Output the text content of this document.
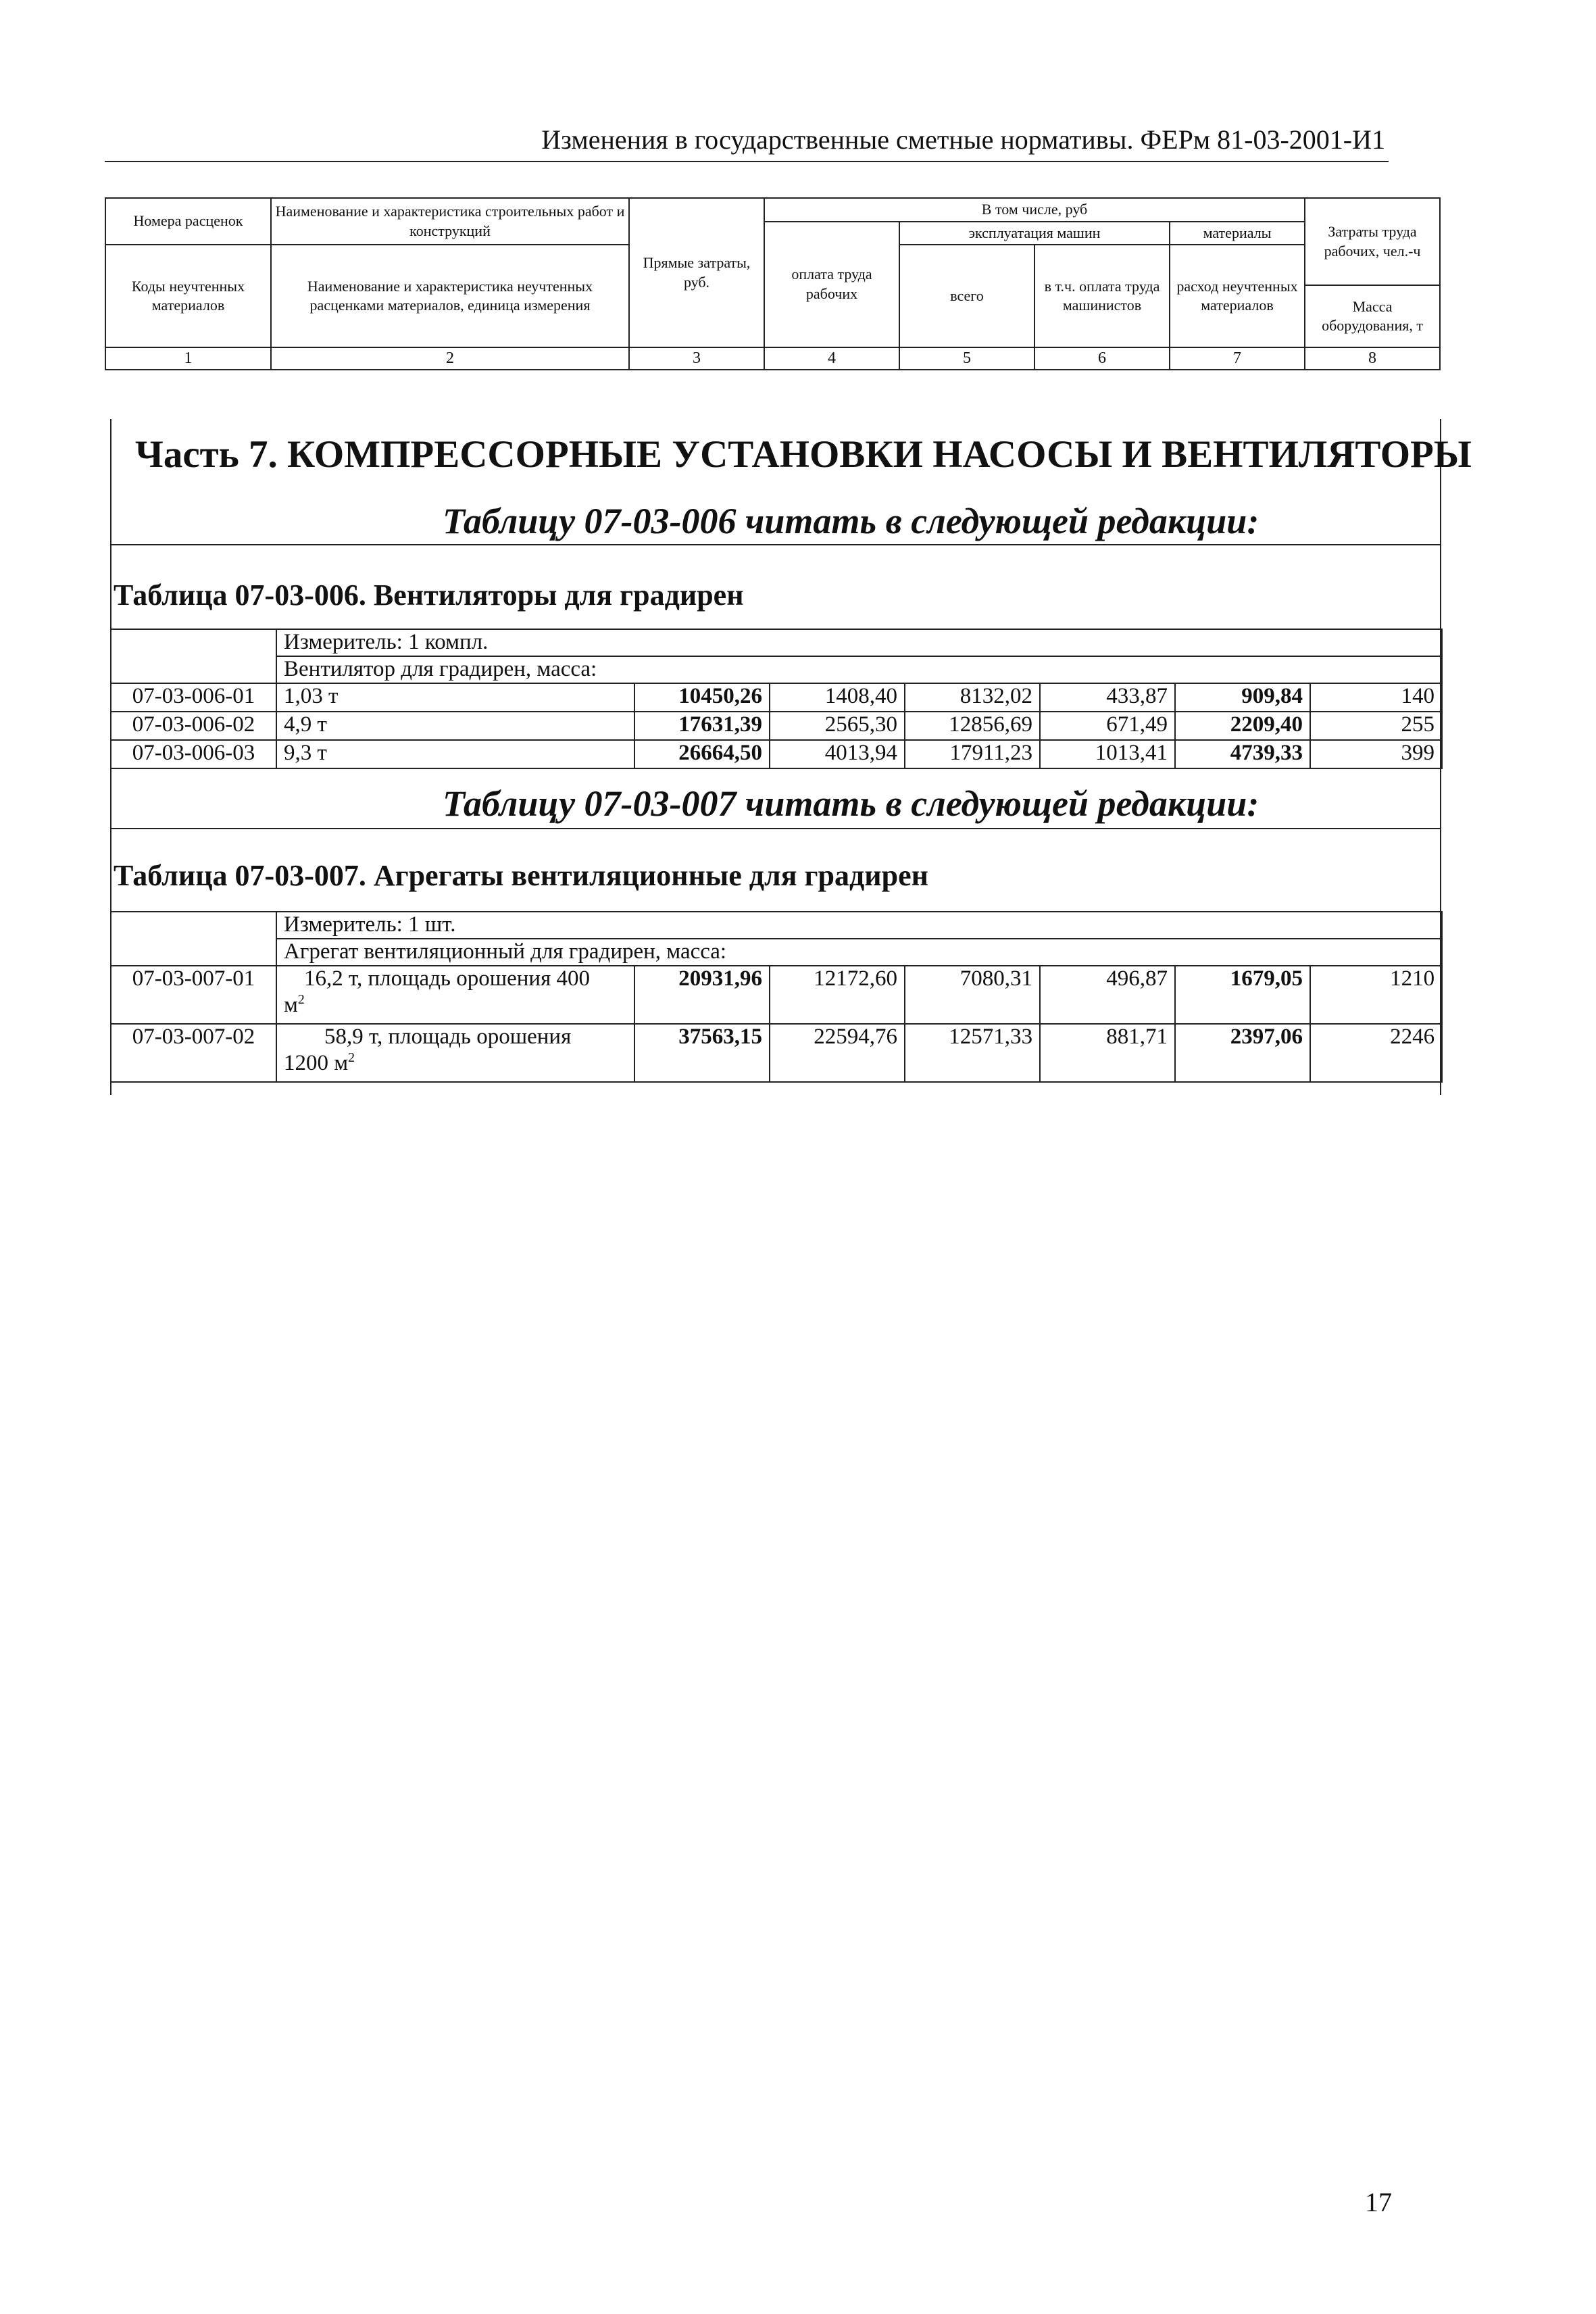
Изменения в государственные сметные нормативы. ФЕРм 81-03-2001-И1
Номера расценок	Наименование и характеристика строительных работ и конструкций	Прямые затраты, руб.	В том числе, руб				Затраты труда рабочих, чел.-ч
			оплата труда рабочих	эксплуатация машин		материалы	
Коды неучтенных материалов	Наименование и характеристика неучтенных расценками материалов, единица измерения			всего	в т.ч. оплата труда машинистов	расход неучтенных материалов	
							Масса оборудования, т

1	2	3	4	5	6	7	8
Часть 7. КОМПРЕССОРНЫЕ УСТАНОВКИ НАСОСЫ И ВЕНТИЛЯТОРЫ
Таблицу 07-03-006 читать в следующей редакции:
Таблица 07-03-006. Вентиляторы для градирен
	Измеритель: 1 компл.						
	Вентилятор для градирен, масса:						
07-03-006-01	1,03 т	10450,26	1408,40	8132,02	433,87	909,84	140
07-03-006-02	4,9 т	17631,39	2565,30	12856,69	671,49	2209,40	255
07-03-006-03	9,3 т	26664,50	4013,94	17911,23	1013,41	4739,33	399
Таблицу 07-03-007 читать в следующей редакции:
Таблица 07-03-007. Агрегаты вентиляционные для градирен
	Измеритель: 1 шт.						
	Агрегат вентиляционный для градирен, масса:						
07-03-007-01	16,2 т, площадь орошения 400
$м^2$	20931,96	12172,60	7080,31	496,87	1679,05	1210
07-03-007-02	58,9 т, площадь орошения
1200 $м^2$	37563,15	22594,76	12571,33	881,71	2397,06	2246
17
